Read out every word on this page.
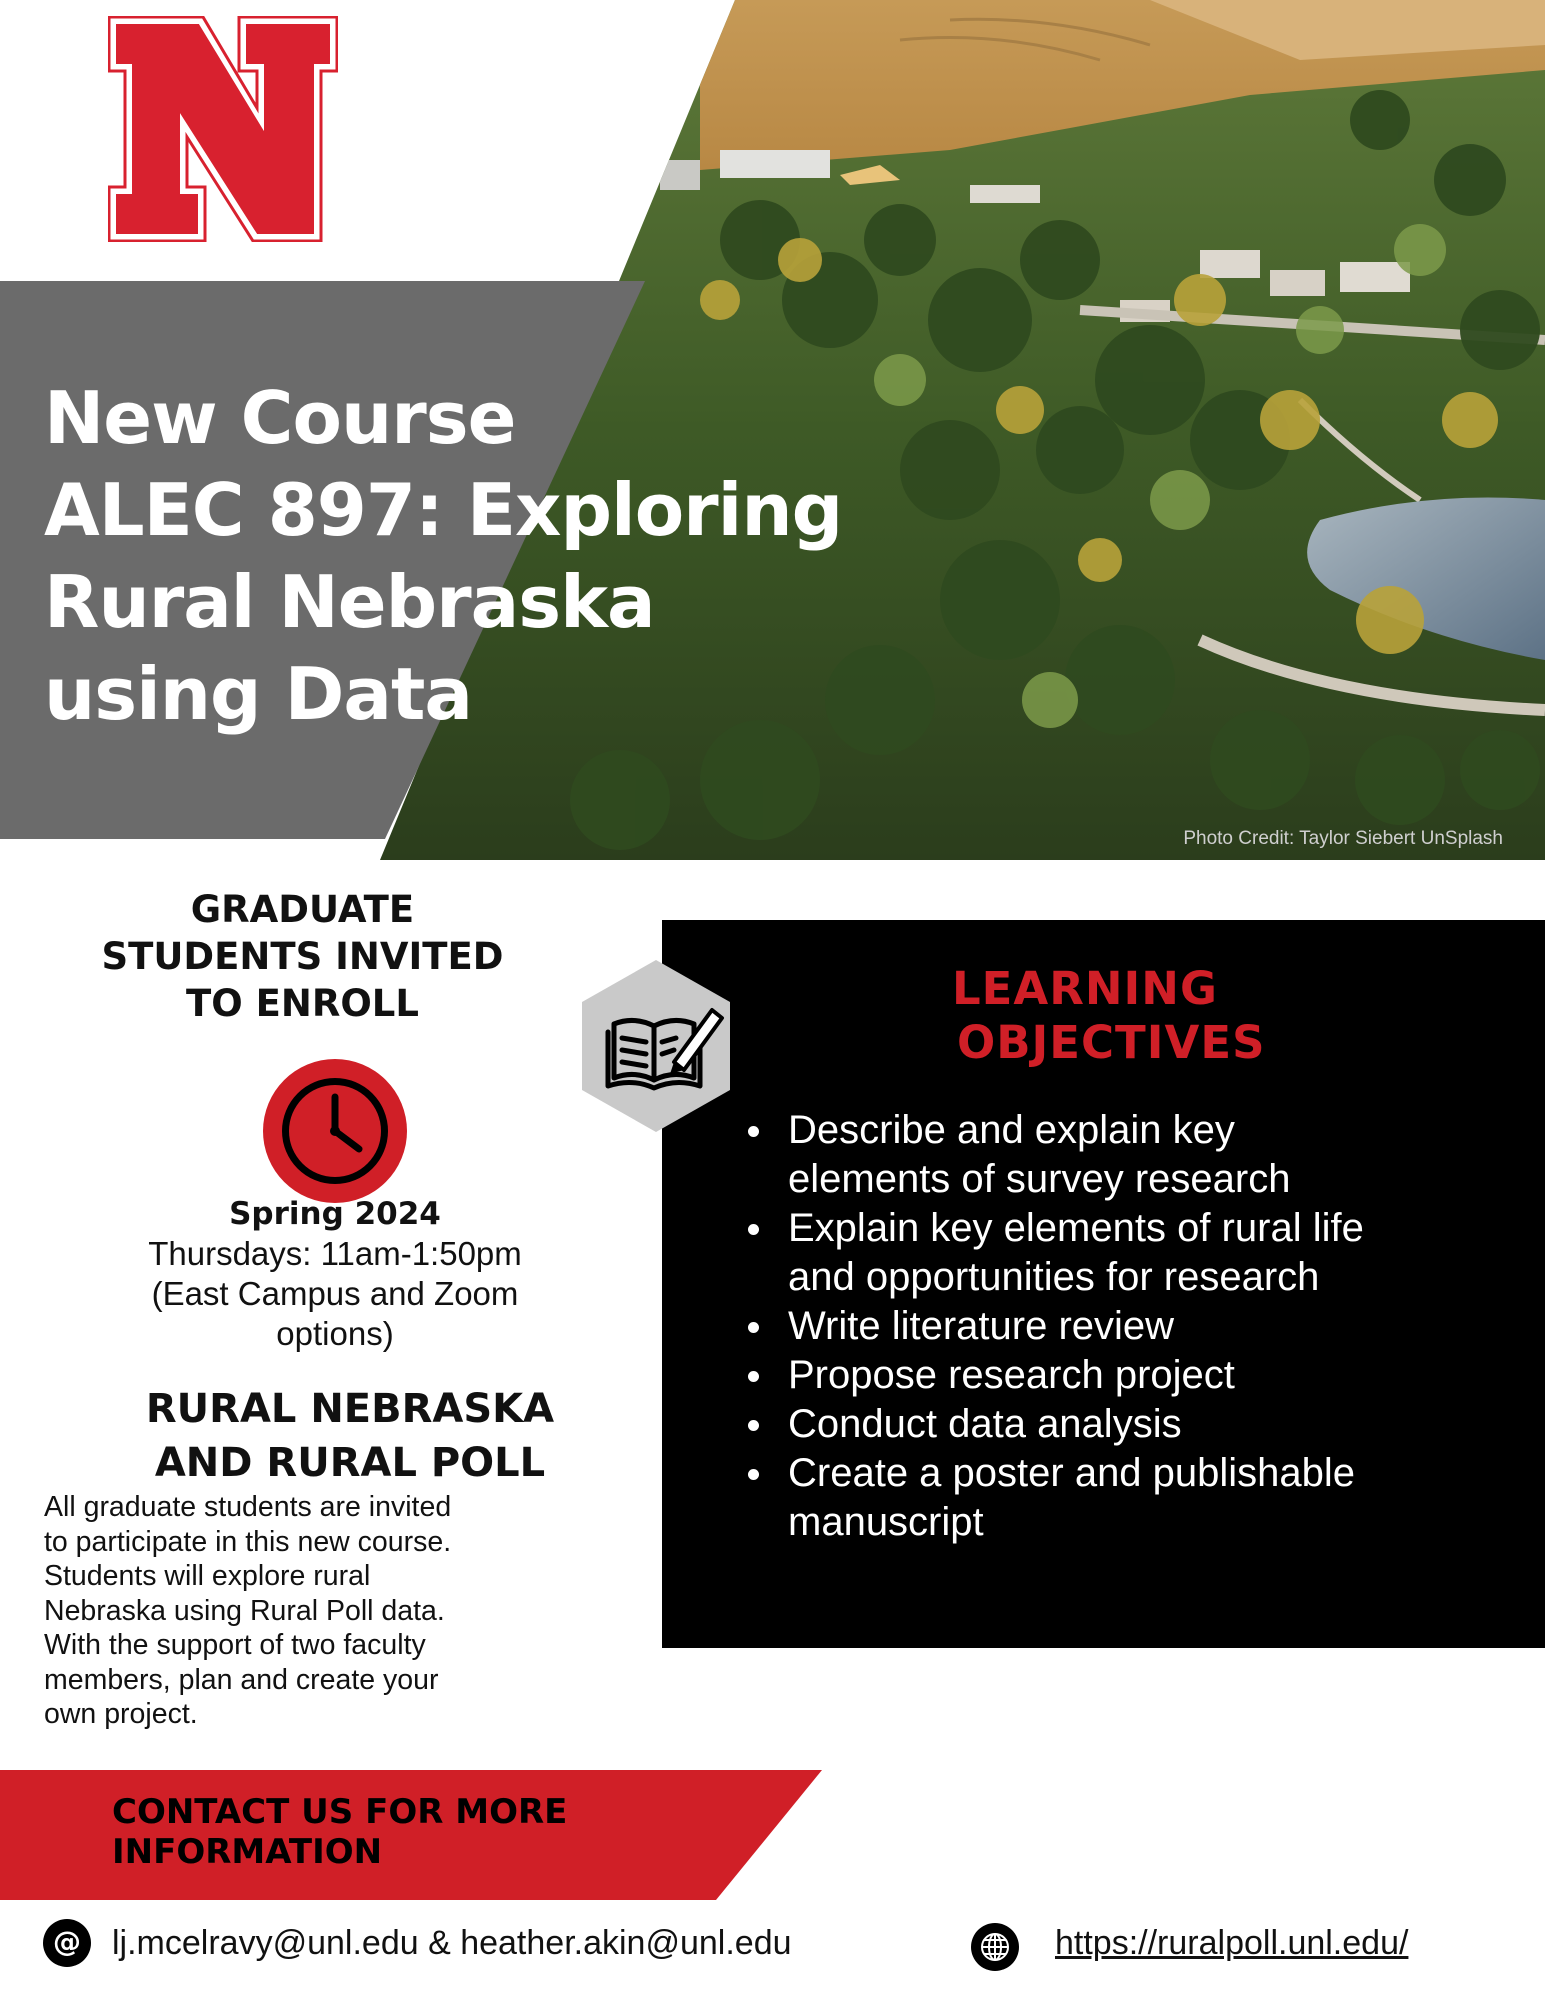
New Course
ALEC 897: Exploring
Rural Nebraska
using Data
Photo Credit: Taylor Siebert UnSplash
GRADUATE
STUDENTS INVITED
TO ENROLL
Spring 2024
Thursdays: 11am-1:50pm
(East Campus and Zoom
options)
RURAL NEBRASKA
AND RURAL POLL

All graduate students are invited
to participate in this new course.
Students will explore rural
Nebraska using Rural Poll data.
With the support of two faculty
members, plan and create your
own project.

LEARNING
OBJECTIVES
Describe and explain key
elements of survey research
Explain key elements of rural life
and opportunities for research
Write literature review
Propose research project
Conduct data analysis
Create a poster and publishable
manuscript
CONTACT US FOR MORE
INFORMATION
@ lj.mcelravy@unl.edu & heather.akin@unl.edu	https://ruralpoll.unl.edu/
